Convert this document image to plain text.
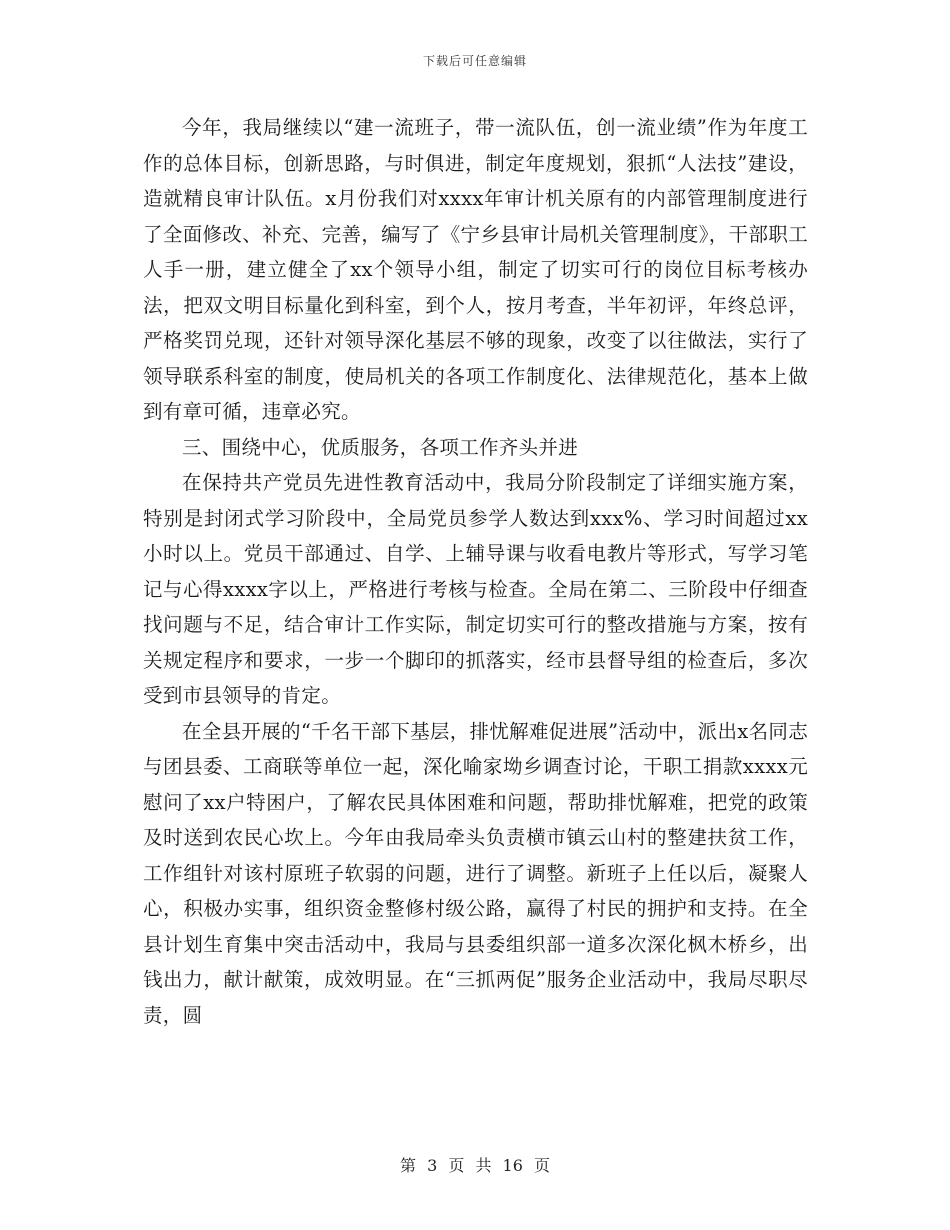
下载后可任意编辑

今年，我局继续以“建一流班子，带一流队伍，创一流业绩”作为年度工作的总体目标，创新思路，与时俱进，制定年度规划，狠抓“人法技”建设，造就精良审计队伍。x月份我们对xxxx年审计机关原有的内部管理制度进行了全面修改、补充、完善，编写了《宁乡县审计局机关管理制度》，干部职工人手一册，建立健全了xx个领导小组，制定了切实可行的岗位目标考核办法，把双文明目标量化到科室，到个人，按月考查，半年初评，年终总评，严格奖罚兑现，还针对领导深化基层不够的现象，改变了以往做法，实行了领导联系科室的制度，使局机关的各项工作制度化、法律规范化，基本上做到有章可循，违章必究。

三、围绕中心，优质服务，各项工作齐头并进

在保持共产党员先进性教育活动中，我局分阶段制定了详细实施方案，特别是封闭式学习阶段中，全局党员参学人数达到xxx%、学习时间超过xx小时以上。党员干部通过、自学、上辅导课与收看电教片等形式，写学习笔记与心得xxxx字以上，严格进行考核与检查。全局在第二、三阶段中仔细查找问题与不足，结合审计工作实际，制定切实可行的整改措施与方案，按有关规定程序和要求，一步一个脚印的抓落实，经市县督导组的检查后，多次受到市县领导的肯定。

在全县开展的“千名干部下基层，排忧解难促进展”活动中，派出x名同志与团县委、工商联等单位一起，深化喻家坳乡调查讨论，干职工捐款xxxx元慰问了xx户特困户，了解农民具体困难和问题，帮助排忧解难，把党的政策及时送到农民心坎上。今年由我局牵头负责横市镇云山村的整建扶贫工作，工作组针对该村原班子软弱的问题，进行了调整。新班子上任以后，凝聚人心，积极办实事，组织资金整修村级公路，赢得了村民的拥护和支持。在全县计划生育集中突击活动中，我局与县委组织部一道多次深化枫木桥乡，出钱出力，献计献策，成效明显。在“三抓两促”服务企业活动中，我局尽职尽责，圆

第 3 页 共 16 页
